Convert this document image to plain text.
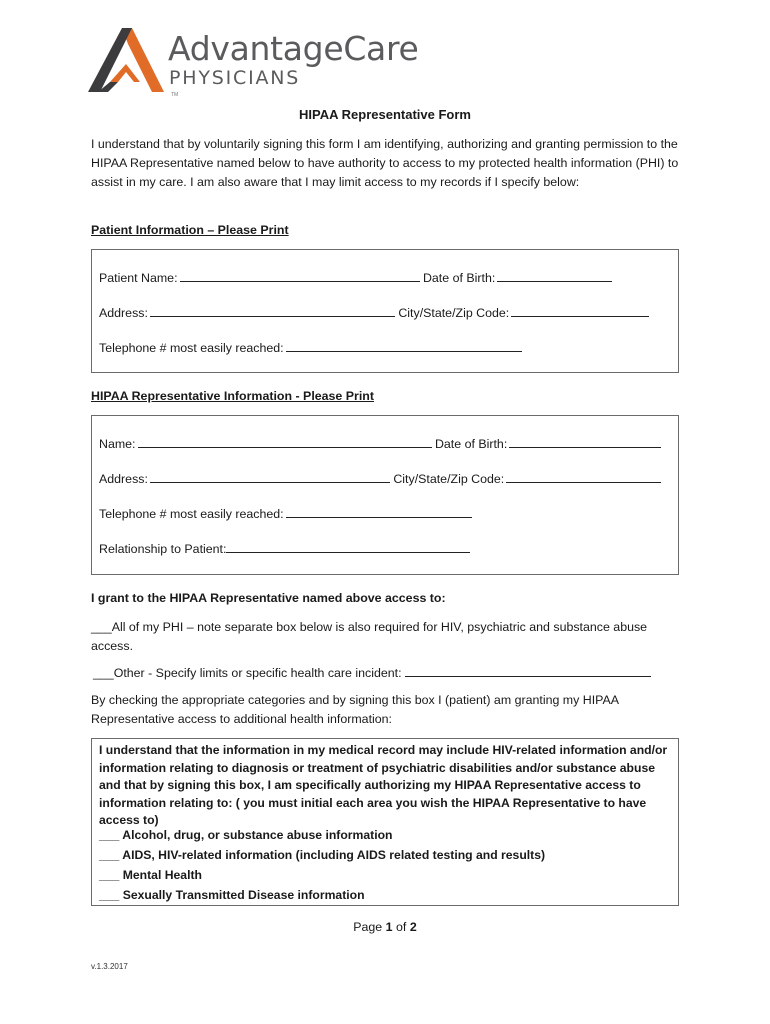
AdvantageCare
PHYSICIANS
TM
HIPAA Representative Form
I understand that by voluntarily signing this form I am identifying, authorizing and granting permission to the HIPAA Representative named below to have authority to access to my protected health information (PHI) to assist in my care. I am also aware that I may limit access to my records if I specify below:
Patient Information – Please Print
Patient Name:	Date of Birth:
Address:	City/State/Zip Code:
Telephone # most easily reached:
HIPAA Representative Information - Please Print
Name:	Date of Birth:
Address:	City/State/Zip Code:
Telephone # most easily reached:
Relationship to Patient:
I grant to the HIPAA Representative named above access to:
___All of my PHI – note separate box below is also required for HIV, psychiatric and substance abuse access.
___Other - Specify limits or specific health care incident:
By checking the appropriate categories and by signing this box I (patient) am granting my HIPAA Representative access to additional health information:
I understand that the information in my medical record may include HIV-related information and/or information relating to diagnosis or treatment of psychiatric disabilities and/or substance abuse and that by signing this box, I am specifically authorizing my HIPAA Representative access to information relating to: ( you must initial each area you wish the HIPAA Representative to have access to)
___ Alcohol, drug, or substance abuse information
___ AIDS, HIV-related information (including AIDS related testing and results)
___ Mental Health
___ Sexually Transmitted Disease information
Page 1 of 2
v.1.3.2017
